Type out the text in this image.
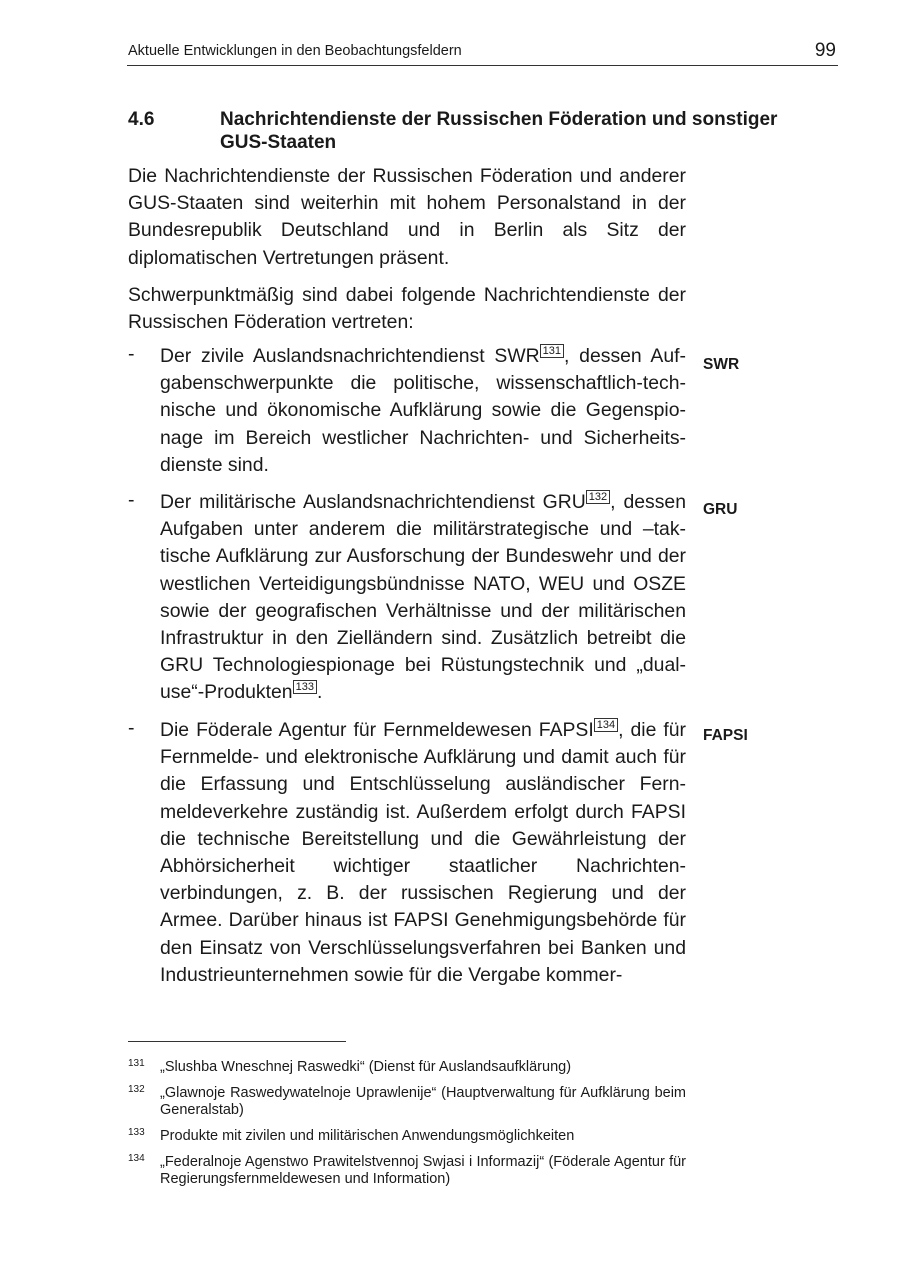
Aktuelle Entwicklungen in den Beobachtungsfeldern	99
4.6	Nachrichtendienste der Russischen Föderation und sonstiger GUS-Staaten
Die Nachrichtendienste der Russischen Föderation und anderer GUS-Staaten sind weiterhin mit hohem Personalstand in der Bundesrepublik Deutschland und in Berlin als Sitz der diplomatischen Vertretungen präsent.
Schwerpunktmäßig sind dabei folgende Nachrichtendienste der Russischen Föderation vertreten:
- Der zivile Auslandsnachrichtendienst SWR $^{131}$ , dessen Aufgabenschwerpunkte die politische, wissenschaftlich-technische und ökonomische Aufklärung sowie die Gegenspionage im Bereich westlicher Nachrichten- und Sicherheitsdienste sind.
SWR
- Der militärische Auslandsnachrichtendienst GRU $^{132}$ , dessen Aufgaben unter anderem die militärstrategische und –taktische Aufklärung zur Ausforschung der Bundeswehr und der westlichen Verteidigungsbündnisse NATO, WEU und OSZE sowie der geografischen Verhältnisse und der militärischen Infrastruktur in den Zielländern sind. Zusätzlich betreibt die GRU Technologiespionage bei Rüstungstechnik und „dual-use“-Produkten $^{133}$ .
GRU
- Die Föderale Agentur für Fernmeldewesen FAPSI $^{134}$ , die für Fernmelde- und elektronische Aufklärung und damit auch für die Erfassung und Entschlüsselung ausländischer Fernmeldeverkehre zuständig ist. Außerdem erfolgt durch FAPSI die technische Bereitstellung und die Gewährleistung der Abhörsicherheit wichtiger staatlicher Nachrichtenverbindungen, z. B. der russischen Regierung und der Armee. Darüber hinaus ist FAPSI Genehmigungsbehörde für den Einsatz von Verschlüsselungsverfahren bei Banken und Industrieunternehmen sowie für die Vergabe kommer-
FAPSI
131 „Slushba Wneschnej Raswedki“ (Dienst für Auslandsaufklärung)
132 „Glawnoje Raswedywatelnoje Uprawlenije“ (Hauptverwaltung für Aufklärung beim Generalstab)
133 Produkte mit zivilen und militärischen Anwendungsmöglichkeiten
134 „Federalnoje Agenstwo Prawitelstvennoj Swjasi i Informazij“ (Föderale Agentur für Regierungsfernmeldewesen und Information)
